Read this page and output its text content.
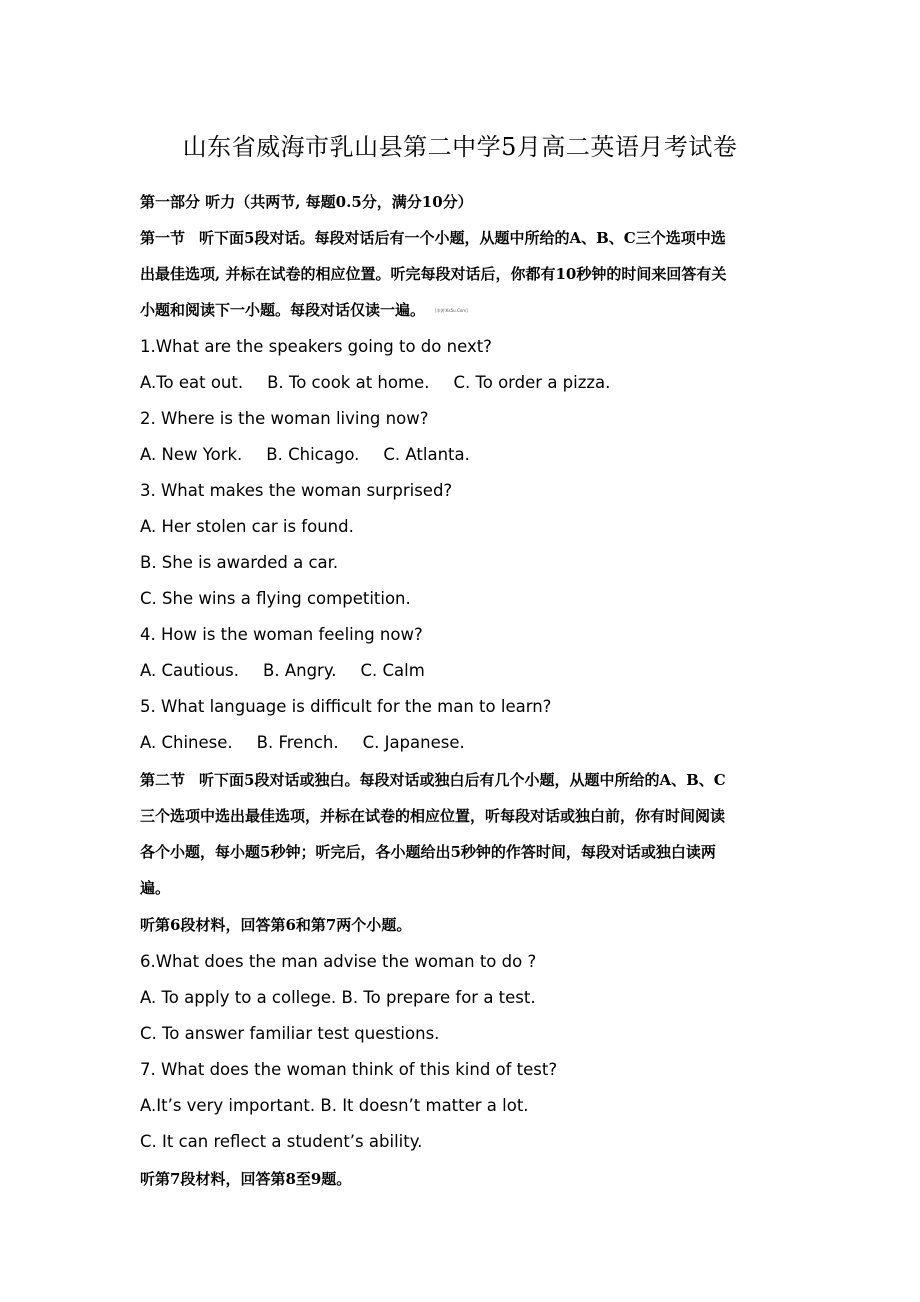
山东省威海市乳山县第二中学5月高二英语月考试卷
第一部分 听力（共两节, 每题0.5分，满分10分）
第一节 听下面5段对话。每段对话后有一个小题，从题中所给的A、B、C三个选项中选
出最佳选项, 并标在试卷的相应位置。听完每段对话后，你都有10秒钟的时间来回答有关
小题和阅读下一小题。每段对话仅读一遍。	[来源:Ks5u.Com]
1.What are the speakers going to do next?
A.To eat out. B. To cook at home. C. To order a pizza.
2. Where is the woman living now?
A. New York. B. Chicago. C. Atlanta.
3. What makes the woman surprised?
A. Her stolen car is found.
B. She is awarded a car.
C. She wins a flying competition.
4. How is the woman feeling now?
A. Cautious. B. Angry. C. Calm
5. What language is difficult for the man to learn?
A. Chinese. B. French. C. Japanese.
第二节 听下面5段对话或独白。每段对话或独白后有几个小题，从题中所给的A、B、C
三个选项中选出最佳选项，并标在试卷的相应位置，听每段对话或独白前，你有时间阅读
各个小题，每小题5秒钟；听完后，各小题给出5秒钟的作答时间，每段对话或独白读两
遍。
听第6段材料，回答第6和第7两个小题。
6.What does the man advise the woman to do ?
A. To apply to a college. B. To prepare for a test.
C. To answer familiar test questions.
7. What does the woman think of this kind of test?
A.It’s very important. B. It doesn’t matter a lot.
C. It can reflect a student’s ability.
听第7段材料，回答第8至9题。
